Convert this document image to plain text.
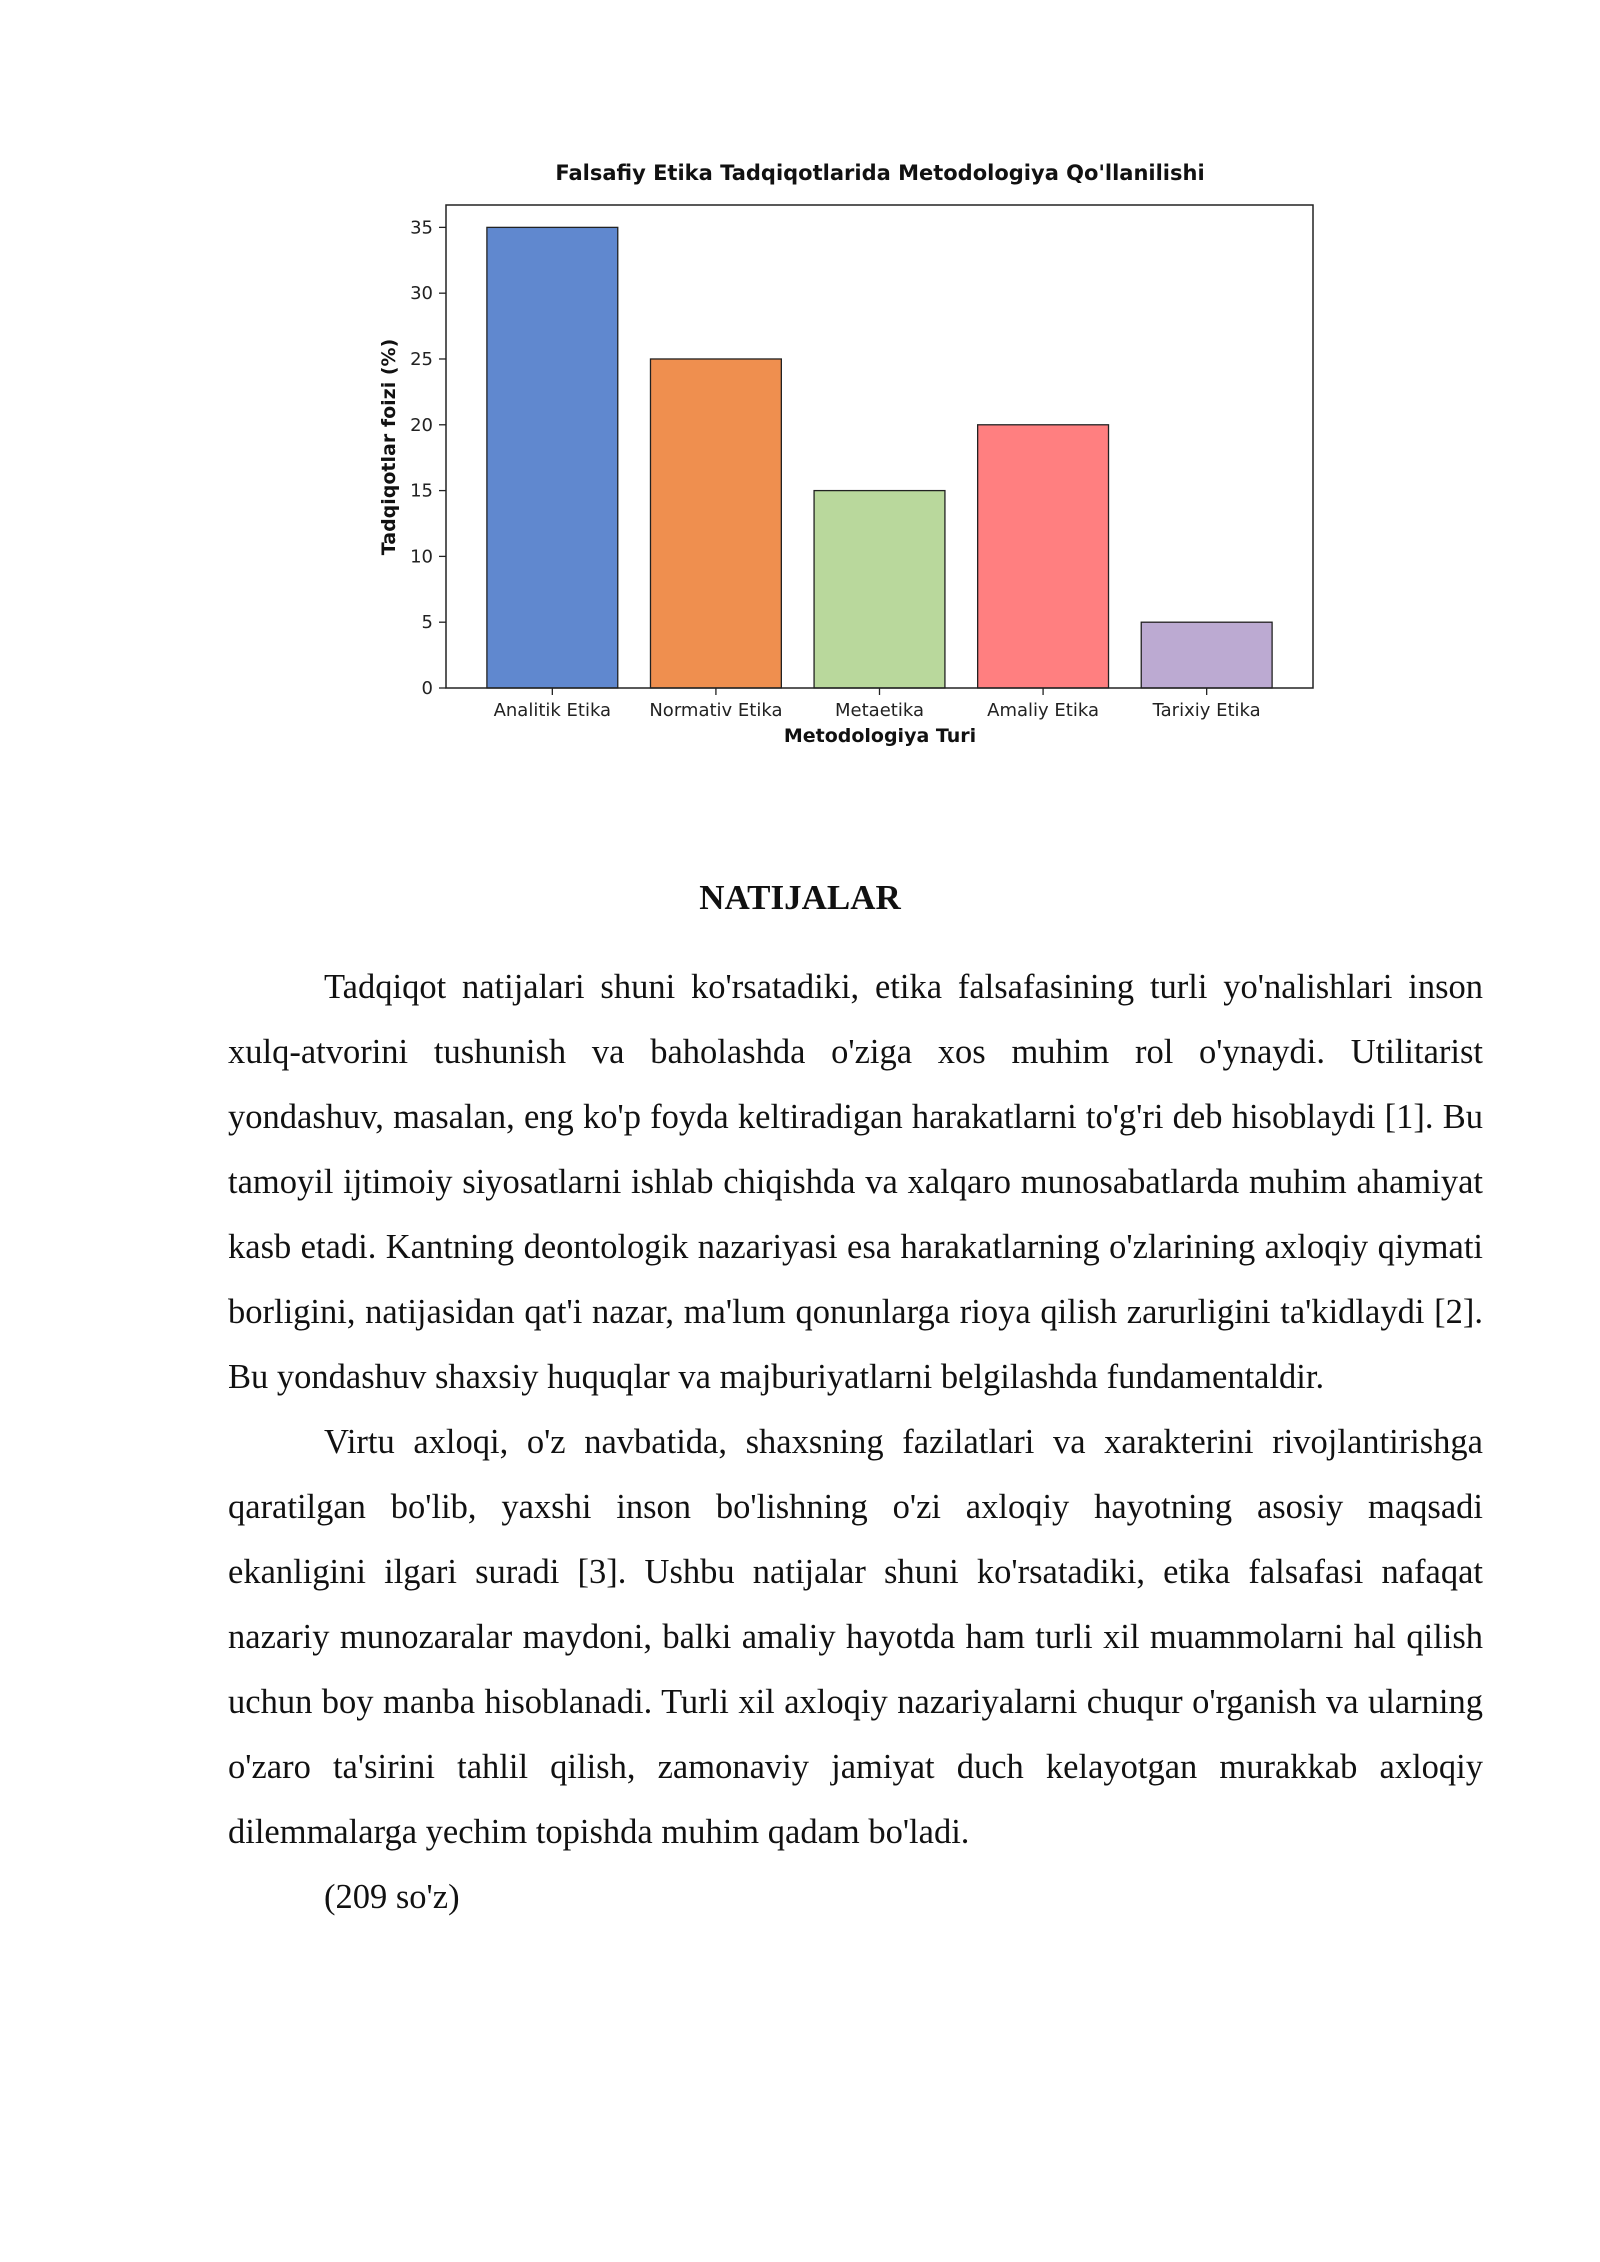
Falsafiy Etika Tadqiqotlarida Metodologiya Qo'llanilishi
0
5
10
15
20
25
30
35
Analitik Etika Normativ Etika	Metaetika	Amaliy Etika	Tarixiy Etika
Tadqiqotlar foizi (%)
Metodologiya Turi
NATIJALAR

Tadqiqot natijalari shuni ko'rsatadiki, etika falsafasining turli yo'nalishlari inson xulq-atvorini tushunish va baholashda o'ziga xos muhim rol o'ynaydi. Utilitarist yondashuv, masalan, eng ko'p foyda keltiradigan harakatlarni to'g'ri deb hisoblaydi [1]. Bu tamoyil ijtimoiy siyosatlarni ishlab chiqishda va xalqaro munosabatlarda muhim ahamiyat kasb etadi. Kantning deontologik nazariyasi esa harakatlarning o'zlarining axloqiy qiymati borligini, natijasidan qat'i nazar, ma'lum qonunlarga rioya qilish zarurligini ta'kidlaydi [2]. Bu yondashuv shaxsiy huquqlar va majburiyatlarni belgilashda fundamentaldir.

Virtu axloqi, o'z navbatida, shaxsning fazilatlari va xarakterini rivojlantirishga qaratilgan bo'lib, yaxshi inson bo'lishning o'zi axloqiy hayotning asosiy maqsadi ekanligini ilgari suradi [3]. Ushbu natijalar shuni ko'rsatadiki, etika falsafasi nafaqat nazariy munozaralar maydoni, balki amaliy hayotda ham turli xil muammolarni hal qilish uchun boy manba hisoblanadi. Turli xil axloqiy nazariyalarni chuqur o'rganish va ularning o'zaro ta'sirini tahlil qilish, zamonaviy jamiyat duch kelayotgan murakkab axloqiy dilemmalarga yechim topishda muhim qadam bo'ladi.

(209 so'z)
